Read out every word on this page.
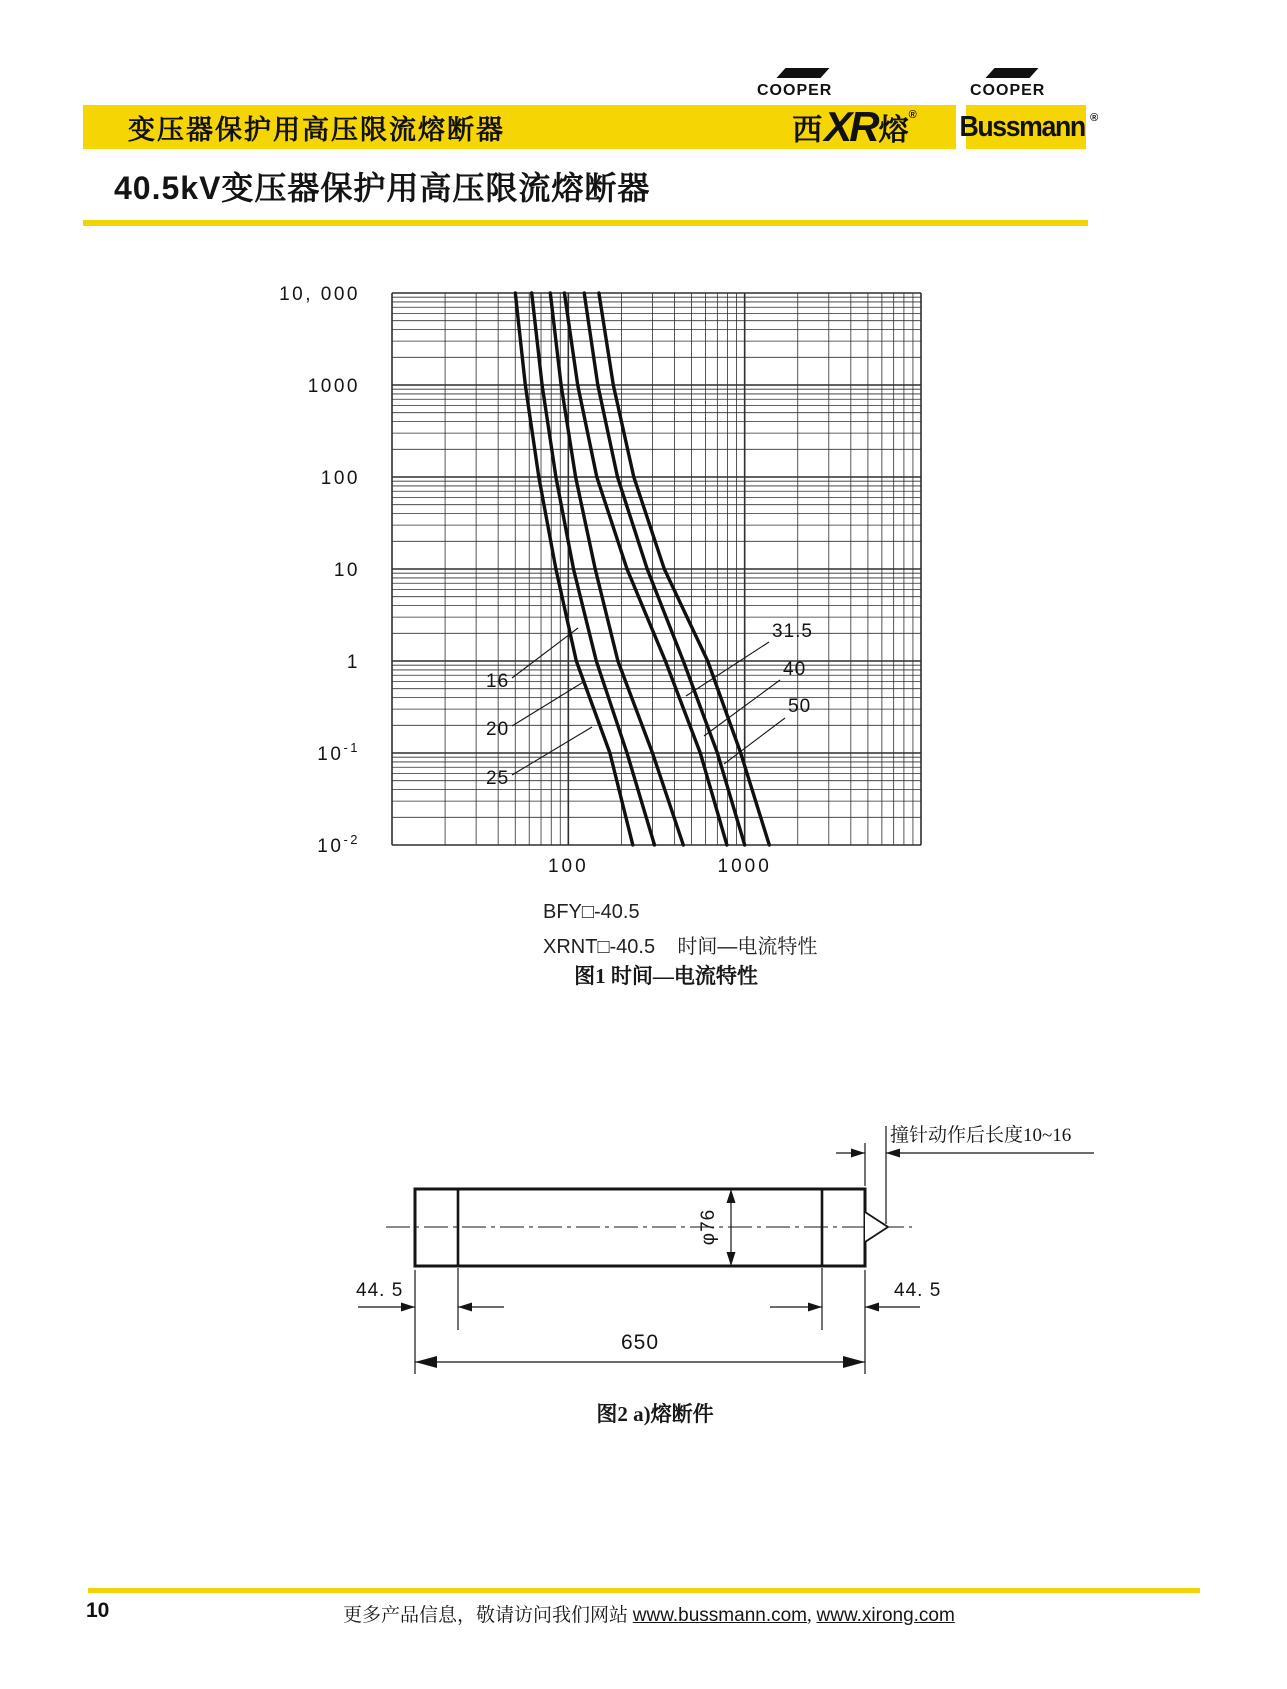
变压器保护用高压限流熔断器
COOPER
西 XR 熔 ®
COOPER
Bussmann ®
40.5kV变压器保护用高压限流熔断器
10, 000
1000
100
10
1
$10^{-1}$
$10^{-2}$
100	1000
16
20
25
31.5
40
50
BFY□-40.5
XRNT□-40.5    时间—电流特性
图1 时间—电流特性
撞针动作后长度10~16
φ76
44. 5	44. 5
650
图2 a)熔断件
10	更多产品信息，敬请访问我们网站 www.bussmann.com, www.xirong.com
